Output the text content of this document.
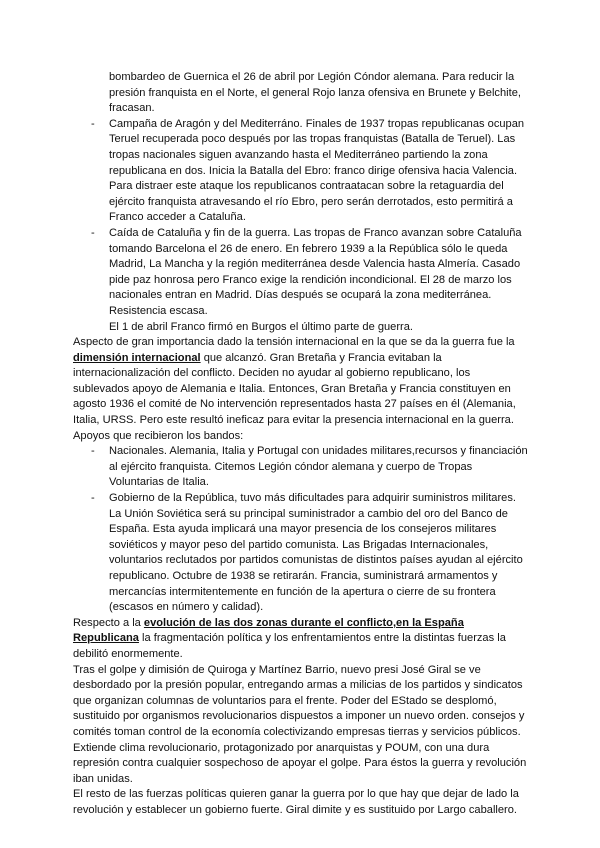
bombardeo de Guernica el 26 de abril por Legión Cóndor alemana. Para reducir la presión franquista en el Norte, el general Rojo lanza ofensiva en Brunete y Belchite, fracasan.

- Campaña de Aragón y del Mediterráno. Finales de 1937 tropas republicanas ocupan Teruel recuperada poco después por las tropas franquistas (Batalla de Teruel). Las tropas nacionales siguen avanzando hasta el Mediterráneo partiendo la zona republicana en dos. Inicia la Batalla del Ebro: franco dirige ofensiva hacia Valencia. Para distraer este ataque los republicanos contraatacan sobre la retaguardia del ejército franquista atravesando el río Ebro, pero serán derrotados, esto permitirá a Franco acceder a Cataluña.

- Caída de Cataluña y fin de la guerra. Las tropas de Franco avanzan sobre Cataluña tomando Barcelona el 26 de enero. En febrero 1939 a la República sólo le queda Madrid, La Mancha y la región mediterránea desde Valencia hasta Almería. Casado pide paz honrosa pero Franco exige la rendición incondicional. El 28 de marzo los nacionales entran en Madrid. Días después se ocupará la zona mediterránea. Resistencia escasa.

El 1 de abril Franco firmó en Burgos el último parte de guerra.

Aspecto de gran importancia dado la tensión internacional en la que se da la guerra fue la dimensión internacional que alcanzó. Gran Bretaña y Francia evitaban la internacionalización del conflicto. Deciden no ayudar al gobierno republicano, los sublevados apoyo de Alemania e Italia. Entonces, Gran Bretaña y Francia constituyen en agosto 1936 el comité de No intervención representados hasta 27 países en él (Alemania, Italia, URSS. Pero este resultó ineficaz para evitar la presencia internacional en la guerra.

Apoyos que recibieron los bandos:

- Nacionales. Alemania, Italia y Portugal con unidades militares,recursos y financiación al ejército franquista. Citemos Legión cóndor alemana y cuerpo de Tropas Voluntarias de Italia.

- Gobierno de la República, tuvo más dificultades para adquirir suministros militares. La Unión Soviética será su principal suministrador a cambio del oro del Banco de España. Esta ayuda implicará una mayor presencia de los consejeros militares soviéticos y mayor peso del partido comunista. Las Brigadas Internacionales, voluntarios reclutados por partidos comunistas de distintos países ayudan al ejército republicano. Octubre de 1938 se retirarán. Francia, suministrará armamentos y mercancías intermitentemente en función de la apertura o cierre de su frontera (escasos en número y calidad).

Respecto a la evolución de las dos zonas durante el conflicto,en la España Republicana la fragmentación política y los enfrentamientos entre la distintas fuerzas la debilitó enormemente.

Tras el golpe y dimisión de Quiroga y Martínez Barrio, nuevo presi José Giral se ve desbordado por la presión popular, entregando armas a milicias de los partidos y sindicatos que organizan columnas de voluntarios para el frente. Poder del EStado se desplomó, sustituido por organismos revolucionarios dispuestos a imponer un nuevo orden. consejos y comités toman control de la economía colectivizando empresas tierras y servicios públicos. Extiende clima revolucionario, protagonizado por anarquistas y POUM, con una dura represión contra cualquier sospechoso de apoyar el golpe. Para éstos la guerra y revolución iban unidas.

El resto de las fuerzas políticas quieren ganar la guerra por lo que hay que dejar de lado la revolución y establecer un gobierno fuerte. Giral dimite y es sustituido por Largo caballero.
